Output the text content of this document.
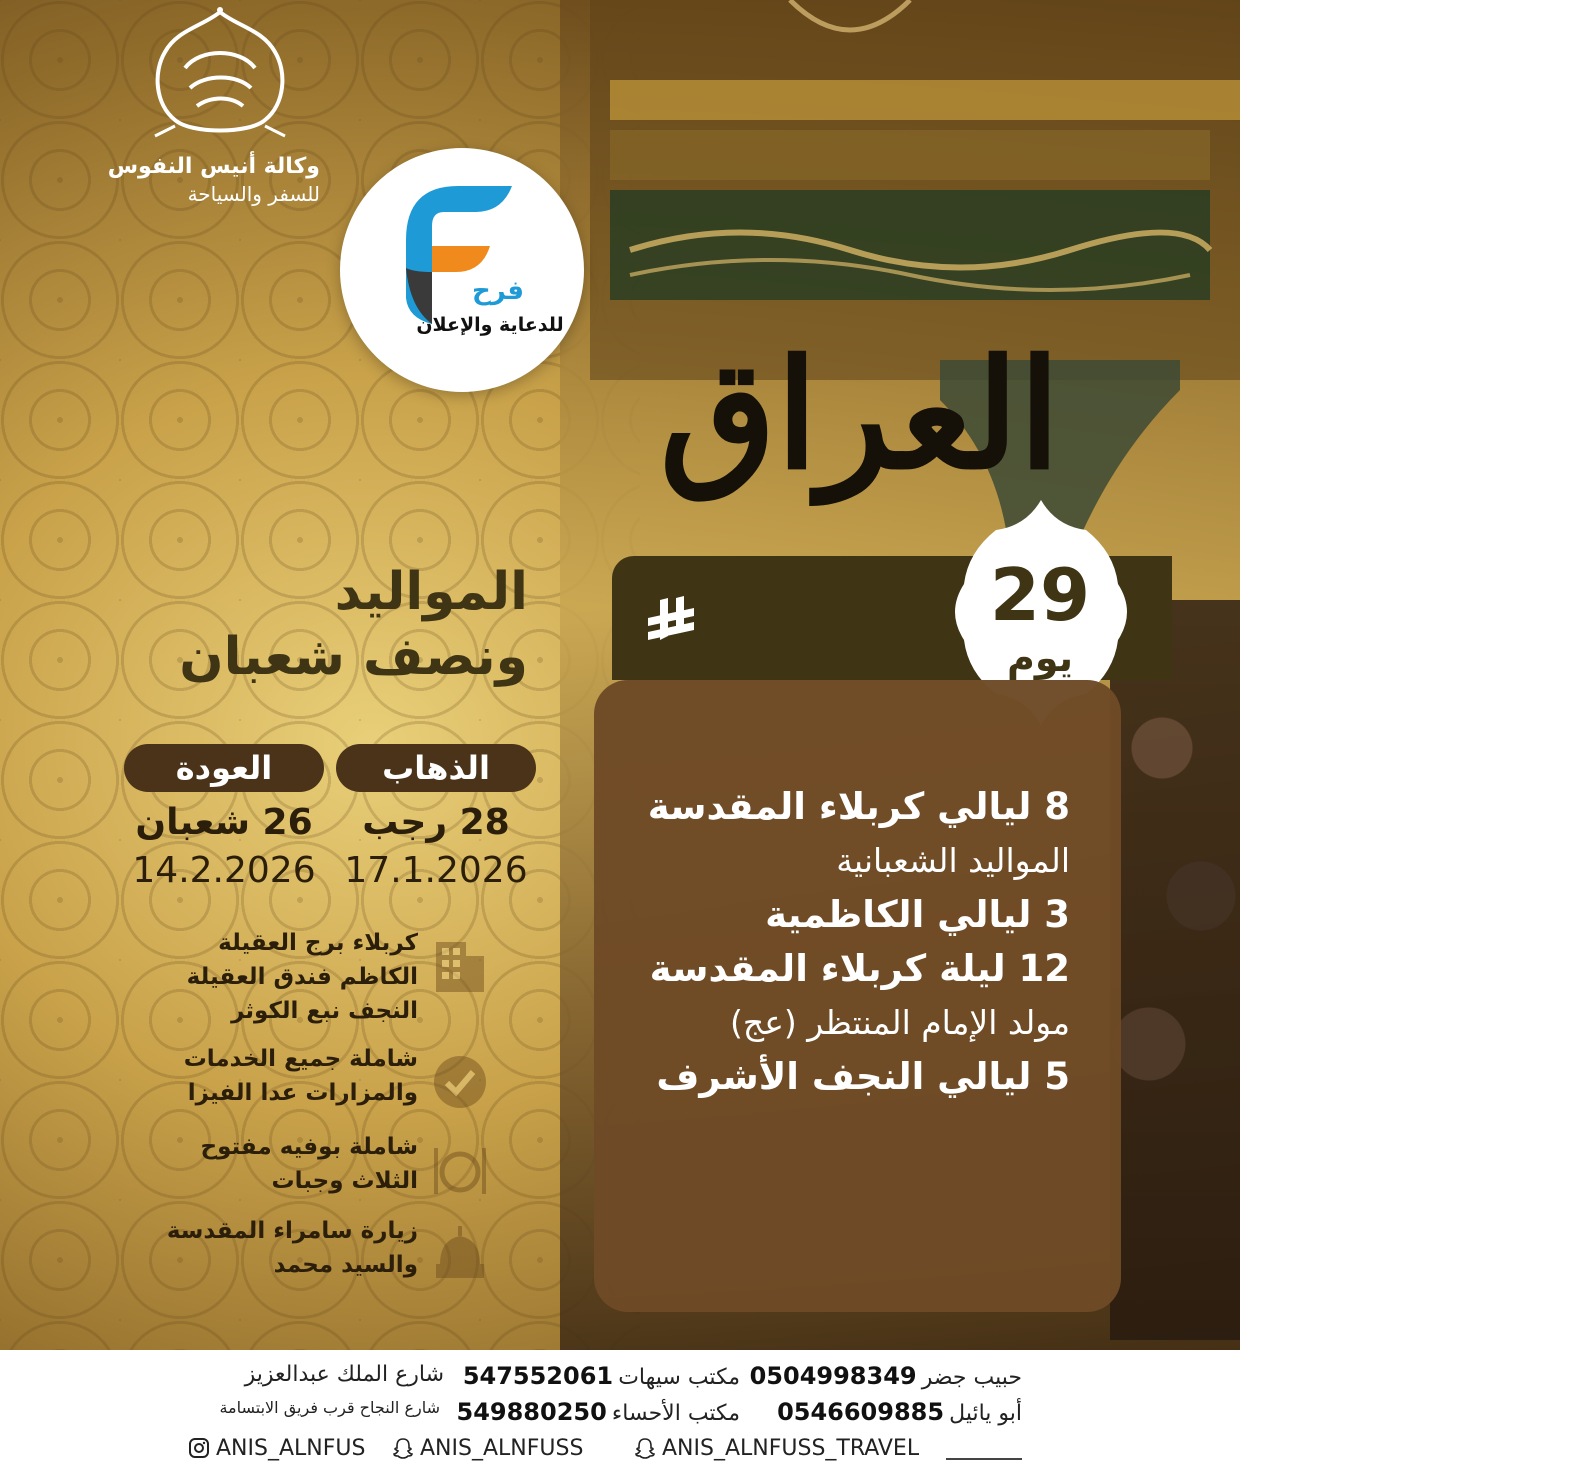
وكالة أنيس النفوس
للسفر والسياحة
فرح
للدعاية والإعلان
العراق
7890
29
يوم
8 ليالي كربلاء المقدسة
المواليد الشعبانية
3 ليالي الكاظمية
12 ليلة كربلاء المقدسة
مولد الإمام المنتظر (عج)
5 ليالي النجف الأشرف
المواليد
ونصف شعبان
الذهاب
العودة
28 رجب
17.1.2026
26 شعبان
14.2.2026
كربلاء برج العقيلة
الكاظم فندق العقيلة
النجف نبع الكوثر
شاملة جميع الخدمات
والمزارات عدا الفيزا
شاملة بوفيه مفتوح
الثلاث وجبات
زيارة سامراء المقدسة
والسيد محمد
حبيب جضر 0504998349
مكتب سيهات 547552061
شارع الملك عبدالعزيز
أبو يائيل 0546609885
مكتب الأحساء 549880250
شارع النجاح قرب فريق الابتسامة
ANIS_ALNFUS	ANIS_ALNFUSS	ANIS_ALNFUSS_TRAVEL
